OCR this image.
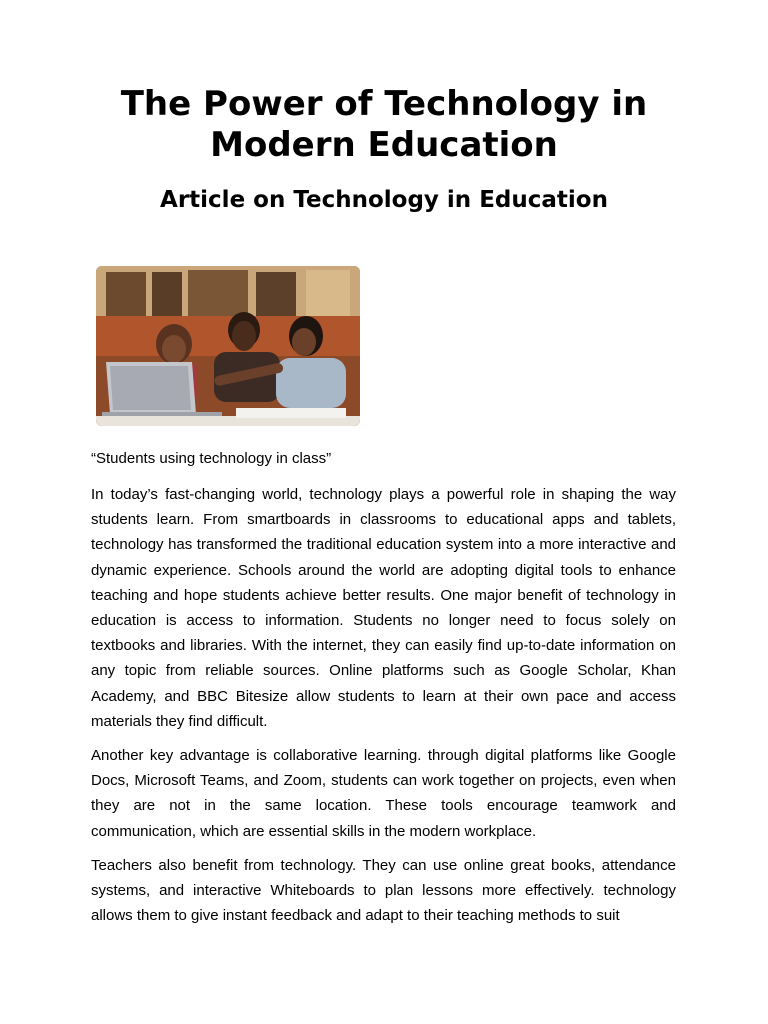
The Power of Technology in Modern Education
Article on Technology in Education

“Students using technology in class”

In today’s fast-changing world, technology plays a powerful role in shaping the way students learn. From smartboards in classrooms to educational apps and tablets, technology has transformed the traditional education system into a more interactive and dynamic experience. Schools around the world are adopting digital tools to enhance teaching and hope students achieve better results. One major benefit of technology in education is access to information. Students no longer need to focus solely on textbooks and libraries. With the internet, they can easily find up-to-date information on any topic from reliable sources. Online platforms such as Google Scholar, Khan Academy, and BBC Bitesize allow students to learn at their own pace and access materials they find difficult.

Another key advantage is collaborative learning. through digital platforms like Google Docs, Microsoft Teams, and Zoom, students can work together on projects, even when they are not in the same location. These tools encourage teamwork and communication, which are essential skills in the modern workplace.

Teachers also benefit from technology. They can use online great books, attendance systems, and interactive Whiteboards to plan lessons more effectively. technology allows them to give instant feedback and adapt to their teaching methods to suit
